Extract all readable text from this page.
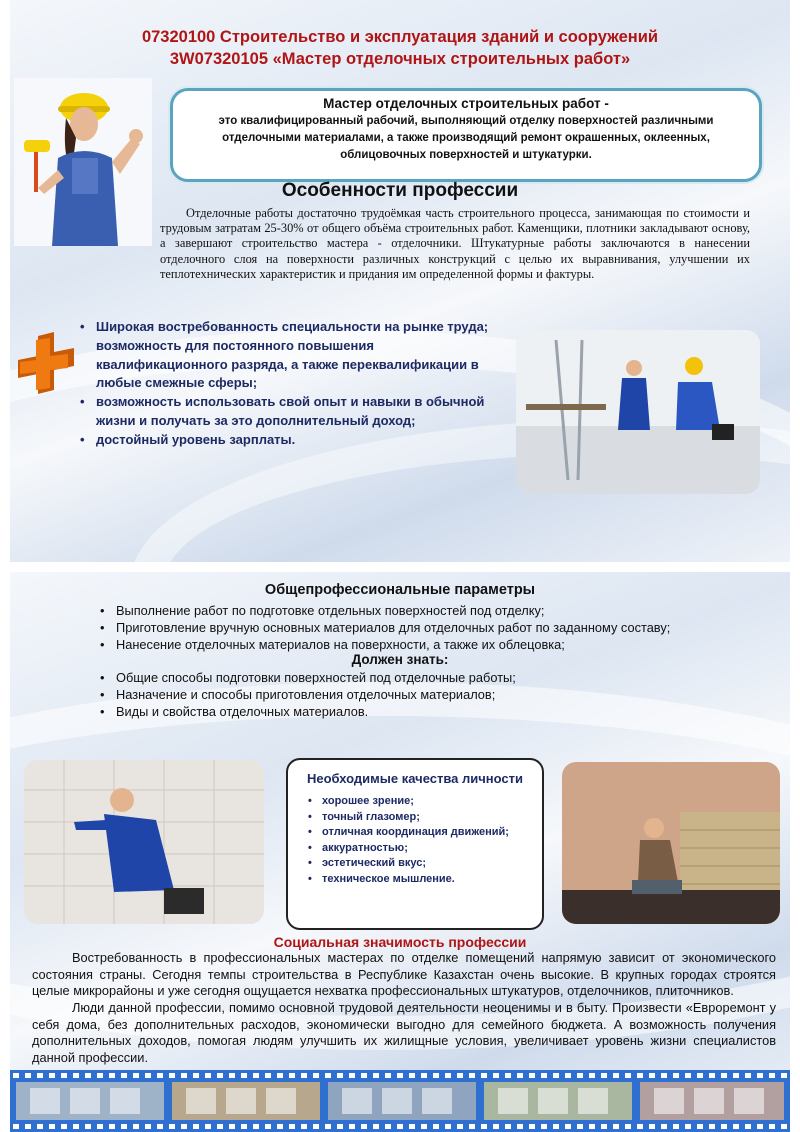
07320100 Строительство и эксплуатация зданий и сооружений
3W07320105 «Мастер отделочных строительных работ»
Мастер отделочных строительных работ -
это квалифицированный рабочий, выполняющий отделку поверхностей различными отделочными материалами, а также производящий ремонт окрашенных, оклеенных, облицовочных поверхностей и штукатурки.
Особенности профессии
Отделочные работы достаточно трудоёмкая часть строительного процесса, занимающая по стоимости и трудовым затратам 25-30% от общего объёма строительных работ. Каменщики, плотники закладывают основу, а завершают строительство мастера - отделочники. Штукатурные работы заключаются в нанесении отделочного слоя на поверхности различных конструкций с целью их выравнивания, улучшении их теплотехнических характеристик и придания им определенной формы и фактуры.
• Широкая востребованность специальности на рынке труда;
возможность для постоянного повышения квалификационного разряда, а также переквалификации в любые смежные сферы;
• возможность использовать свой опыт и навыки в обычной жизни и получать за это дополнительный доход;
• достойный уровень зарплаты.
Общепрофессиональные параметры
• Выполнение работ по подготовке отдельных поверхностей под отделку;
• Приготовление вручную основных материалов для отделочных работ по заданному составу;
• Нанесение отделочных материалов на поверхности, а также их облецовка;
Должен знать:
• Общие способы подготовки поверхностей под отделочные работы;
• Назначение и способы приготовления отделочных материалов;
• Виды и свойства отделочных материалов.
Необходимые качества личности
• хорошее зрение;
• точный глазомер;
• отличная координация движений;
• аккуратностью;
• эстетический вкус;
• техническое мышление.
Социальная значимость профессии
Востребованность в профессиональных мастерах по отделке помещений напрямую зависит от экономического состояния страны. Сегодня темпы строительства в Республике Казахстан очень высокие. В крупных городах строятся целые микрорайоны и уже сегодня ощущается нехватка профессиональных штукатуров, отделочников, плиточников.
Люди данной профессии, помимо основной трудовой деятельности неоценимы и в быту. Произвести «Евроремонт у себя дома, без дополнительных расходов, экономически выгодно для семейного бюджета. А возможность получения дополнительных доходов, помогая людям улучшить их жилищные условия, увеличивает уровень жизни специалистов данной профессии.
